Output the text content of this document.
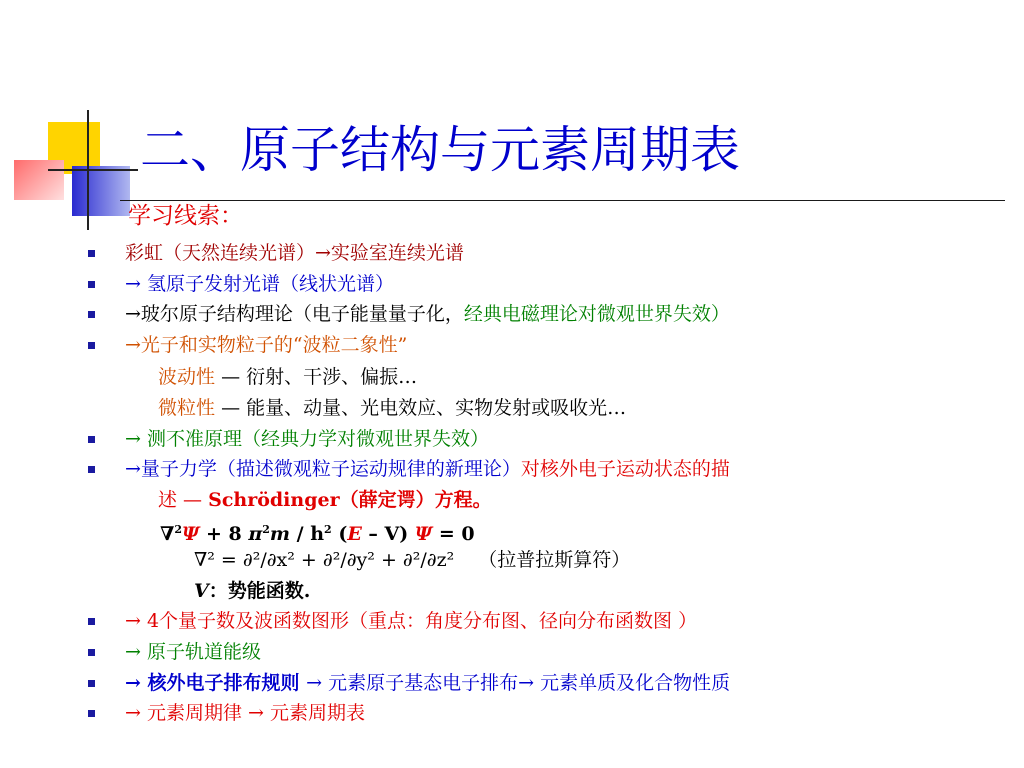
二、原子结构与元素周期表
学习线索：
彩虹（天然连续光谱）→实验室连续光谱
→ 氢原子发射光谱（线状光谱）
→玻尔原子结构理论（电子能量量子化，经典电磁理论对微观世界失效）
→光子和实物粒子的“波粒二象性”
波动性 — 衍射、干涉、偏振…
微粒性 — 能量、动量、光电效应、实物发射或吸收光…
→ 测不准原理（经典力学对微观世界失效）
→量子力学（描述微观粒子运动规律的新理论）对核外电子运动状态的描
述 — Schrödinger（薛定谔）方程。
∇$^2$Ψ + 8 $\pi^2m / h^2$ (E – V) Ψ = 0
∇² = ∂²/∂x² + ∂²/∂y² + ∂²/∂z² （拉普拉斯算符）
V：势能函数.
→ 4个量子数及波函数图形（重点：角度分布图、径向分布函数图 ）
→ 原子轨道能级
→ 核外电子排布规则 → 元素原子基态电子排布→ 元素单质及化合物性质
→ 元素周期律 → 元素周期表
